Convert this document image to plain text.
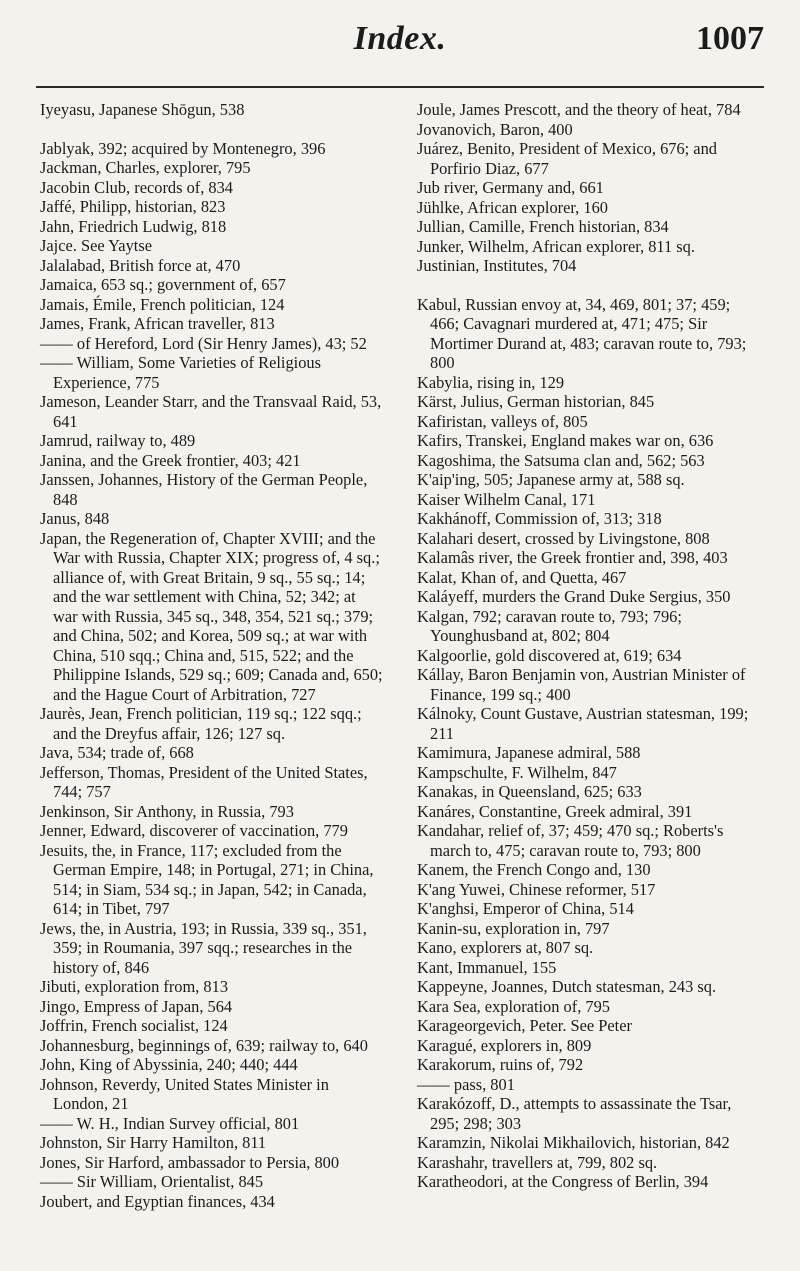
Index.	1007
Iyeyasu, Japanese Shōgun, 538
Jablyak, 392; acquired by Montenegro, 396
Jackman, Charles, explorer, 795
Jacobin Club, records of, 834
Jaffé, Philipp, historian, 823
Jahn, Friedrich Ludwig, 818
Jajce. See Yaytse
Jalalabad, British force at, 470
Jamaica, 653 sq.; government of, 657
Jamais, Émile, French politician, 124
James, Frank, African traveller, 813
—— of Hereford, Lord (Sir Henry James), 43; 52
—— William, Some Varieties of Religious Experience, 775
Jameson, Leander Starr, and the Transvaal Raid, 53, 641
Jamrud, railway to, 489
Janina, and the Greek frontier, 403; 421
Janssen, Johannes, History of the German People, 848
Janus, 848
Japan, the Regeneration of, Chapter XVIII; and the War with Russia, Chapter XIX; progress of, 4 sq.; alliance of, with Great Britain, 9 sq., 55 sq.; 14; and the war settlement with China, 52; 342; at war with Russia, 345 sq., 348, 354, 521 sq.; 379; and China, 502; and Korea, 509 sq.; at war with China, 510 sqq.; China and, 515, 522; and the Philippine Islands, 529 sq.; 609; Canada and, 650; and the Hague Court of Arbitration, 727
Jaurès, Jean, French politician, 119 sq.; 122 sqq.; and the Dreyfus affair, 126; 127 sq.
Java, 534; trade of, 668
Jefferson, Thomas, President of the United States, 744; 757
Jenkinson, Sir Anthony, in Russia, 793
Jenner, Edward, discoverer of vaccination, 779
Jesuits, the, in France, 117; excluded from the German Empire, 148; in Portugal, 271; in China, 514; in Siam, 534 sq.; in Japan, 542; in Canada, 614; in Tibet, 797
Jews, the, in Austria, 193; in Russia, 339 sq., 351, 359; in Roumania, 397 sqq.; researches in the history of, 846
Jibuti, exploration from, 813
Jingo, Empress of Japan, 564
Joffrin, French socialist, 124
Johannesburg, beginnings of, 639; railway to, 640
John, King of Abyssinia, 240; 440; 444
Johnson, Reverdy, United States Minister in London, 21
—— W. H., Indian Survey official, 801
Johnston, Sir Harry Hamilton, 811
Jones, Sir Harford, ambassador to Persia, 800
—— Sir William, Orientalist, 845
Joubert, and Egyptian finances, 434
Joule, James Prescott, and the theory of heat, 784
Jovanovich, Baron, 400
Juárez, Benito, President of Mexico, 676; and Porfirio Diaz, 677
Jub river, Germany and, 661
Jühlke, African explorer, 160
Jullian, Camille, French historian, 834
Junker, Wilhelm, African explorer, 811 sq.
Justinian, Institutes, 704
Kabul, Russian envoy at, 34, 469, 801; 37; 459; 466; Cavagnari murdered at, 471; 475; Sir Mortimer Durand at, 483; caravan route to, 793; 800
Kabylia, rising in, 129
Kärst, Julius, German historian, 845
Kafiristan, valleys of, 805
Kafirs, Transkei, England makes war on, 636
Kagoshima, the Satsuma clan and, 562; 563
K'aip'ing, 505; Japanese army at, 588 sq.
Kaiser Wilhelm Canal, 171
Kakhánoff, Commission of, 313; 318
Kalahari desert, crossed by Livingstone, 808
Kalamâs river, the Greek frontier and, 398, 403
Kalat, Khan of, and Quetta, 467
Kaláyeff, murders the Grand Duke Sergius, 350
Kalgan, 792; caravan route to, 793; 796; Younghusband at, 802; 804
Kalgoorlie, gold discovered at, 619; 634
Kállay, Baron Benjamin von, Austrian Minister of Finance, 199 sq.; 400
Kálnoky, Count Gustave, Austrian statesman, 199; 211
Kamimura, Japanese admiral, 588
Kampschulte, F. Wilhelm, 847
Kanakas, in Queensland, 625; 633
Kanáres, Constantine, Greek admiral, 391
Kandahar, relief of, 37; 459; 470 sq.; Roberts's march to, 475; caravan route to, 793; 800
Kanem, the French Congo and, 130
K'ang Yuwei, Chinese reformer, 517
K'anghsi, Emperor of China, 514
Kanin-su, exploration in, 797
Kano, explorers at, 807 sq.
Kant, Immanuel, 155
Kappeyne, Joannes, Dutch statesman, 243 sq.
Kara Sea, exploration of, 795
Karageorgevich, Peter. See Peter
Karagué, explorers in, 809
Karakorum, ruins of, 792
—— pass, 801
Karakózoff, D., attempts to assassinate the Tsar, 295; 298; 303
Karamzin, Nikolai Mikhailovich, historian, 842
Karashahr, travellers at, 799, 802 sq.
Karatheodori, at the Congress of Berlin, 394
